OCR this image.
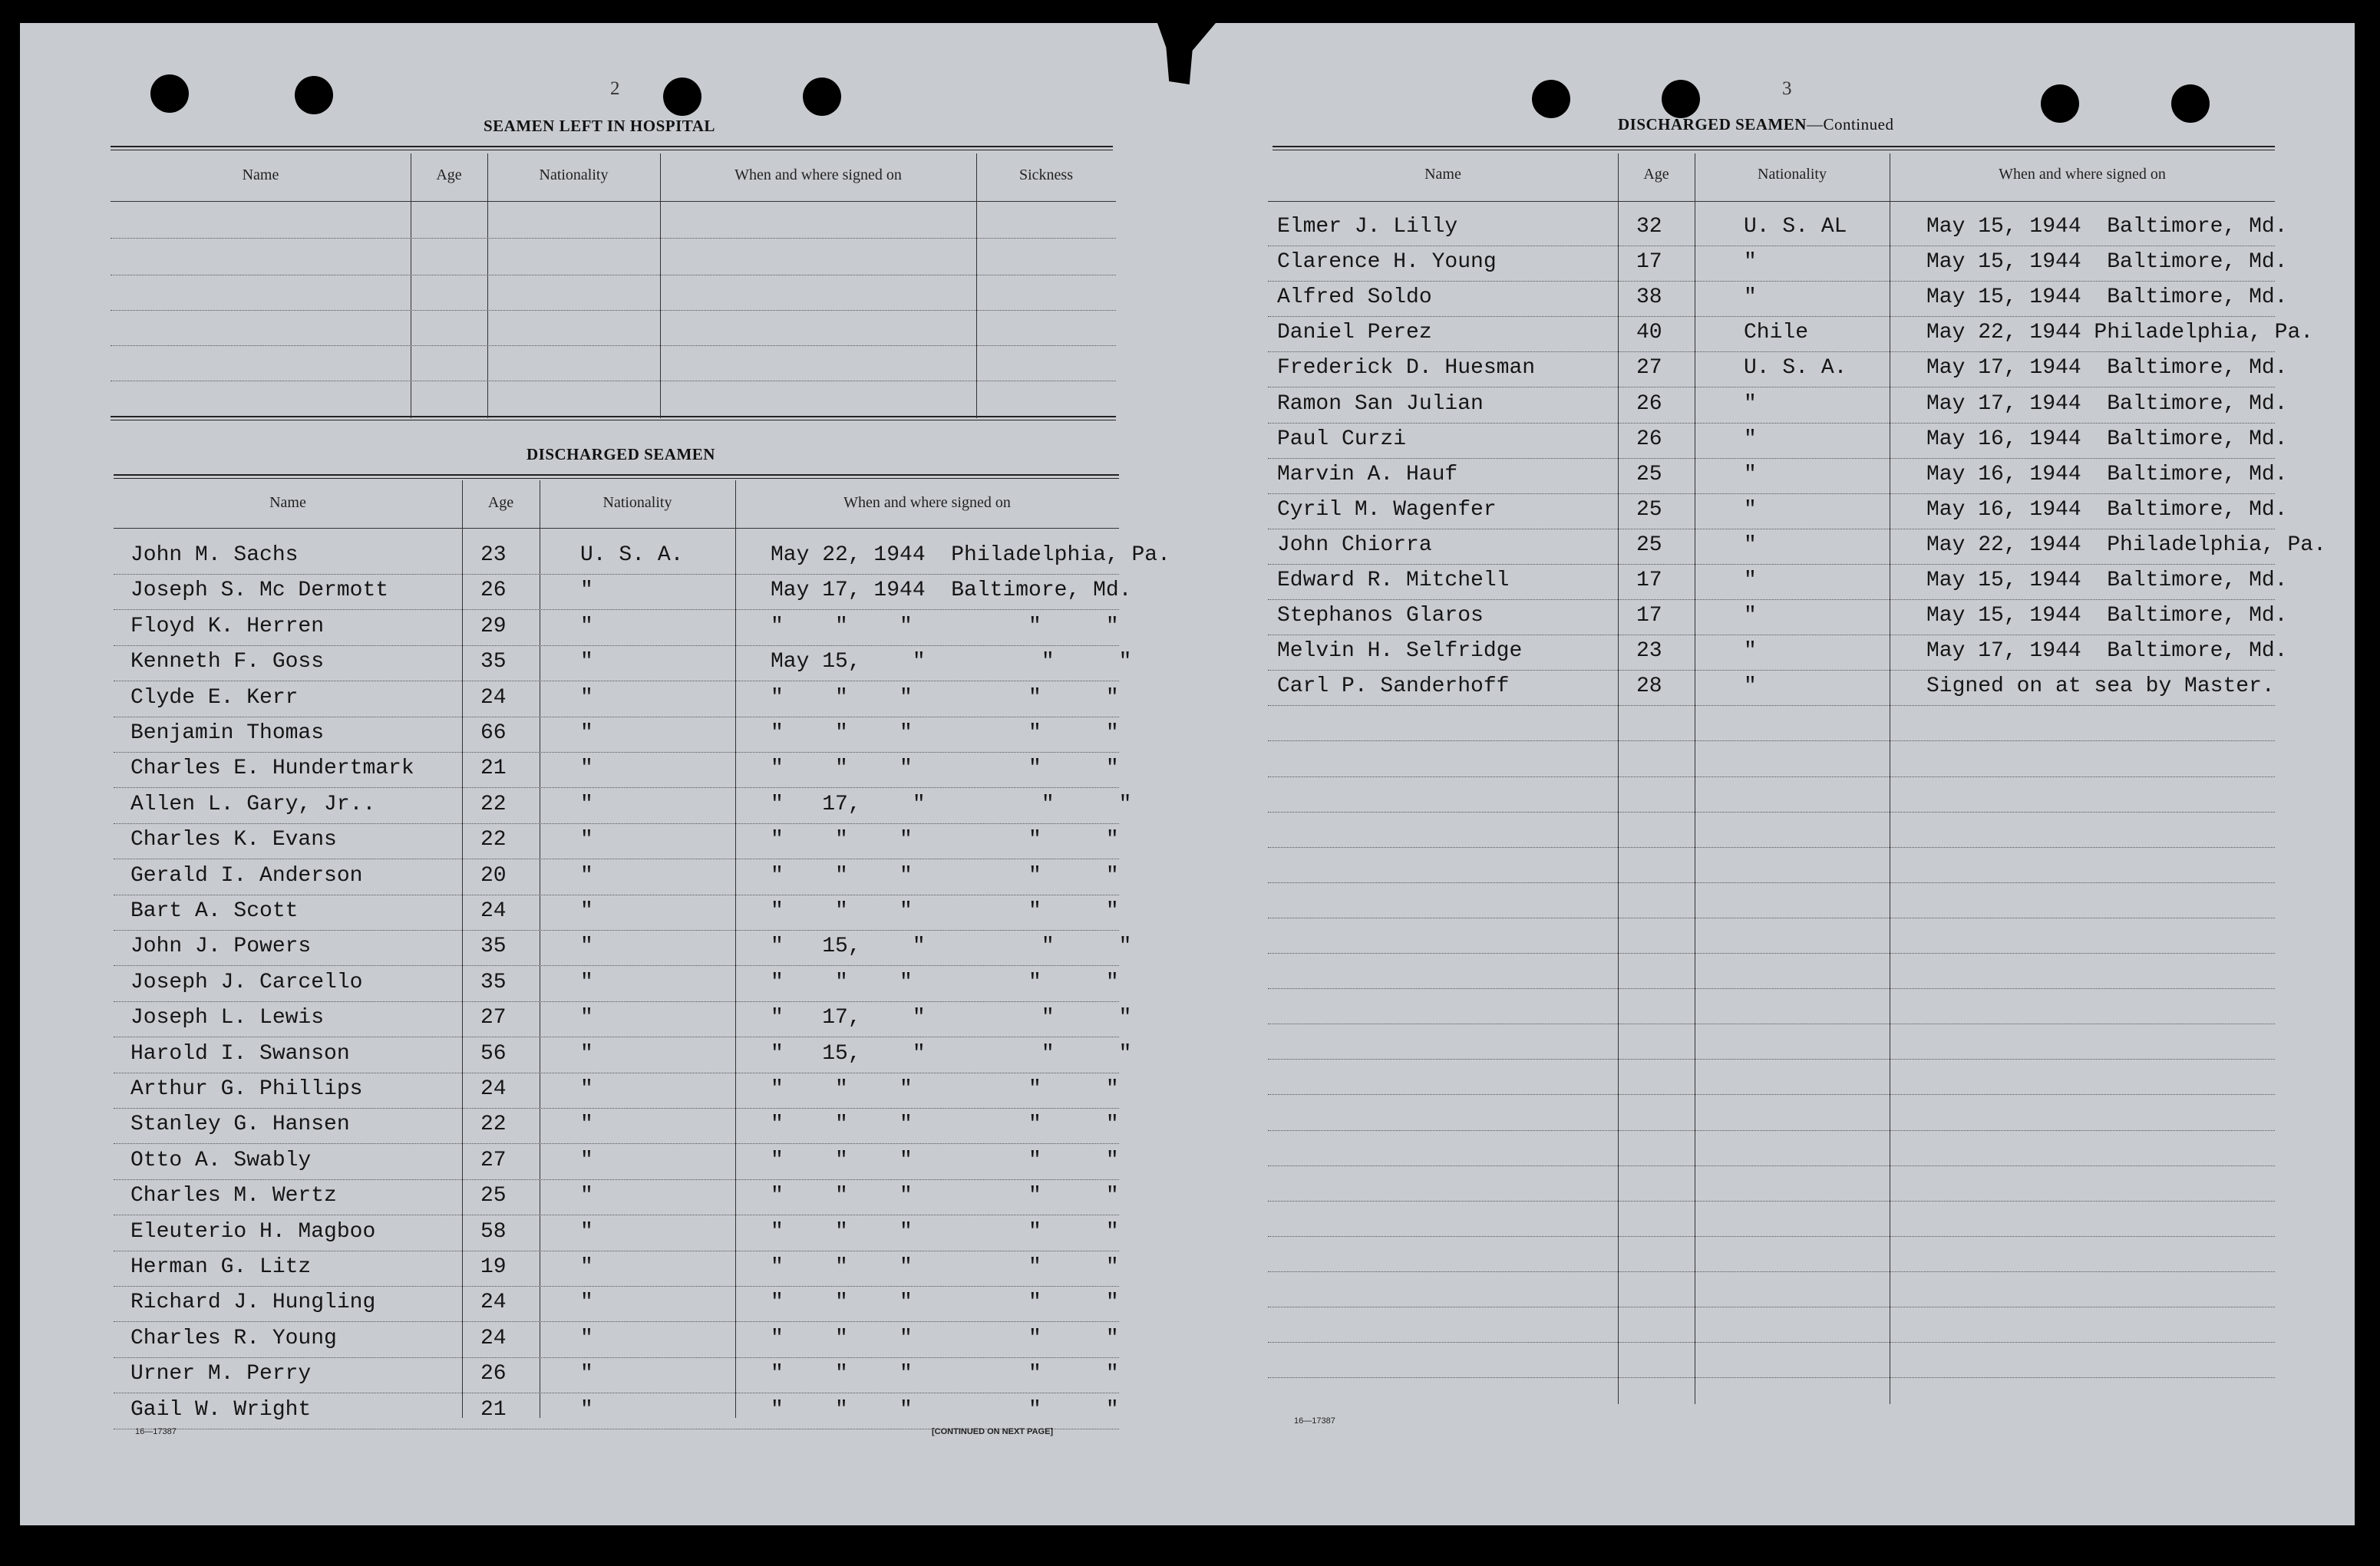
2	3
SEAMEN LEFT IN HOSPITAL
Name	Age	Nationality	When and where signed on	Sickness
DISCHARGED SEAMEN
Name	Age	Nationality	When and where signed on
John M. Sachs	23	U. S. A.	May 22, 1944  Philadelphia, Pa.
Joseph S. Mc Dermott	26	"	May 17, 1944  Baltimore, Md.
Floyd K. Herren	29	"	"    "    "         "     "
Kenneth F. Goss	35	"	May 15,    "         "     "
Clyde E. Kerr	24	"	"    "    "         "     "
Benjamin Thomas	66	"	"    "    "         "     "
Charles E. Hundertmark	21	"	"    "    "         "     "
Allen L. Gary, Jr..	22	"	"   17,    "         "     "
Charles K. Evans	22	"	"    "    "         "     "
Gerald I. Anderson	20	"	"    "    "         "     "
Bart A. Scott	24	"	"    "    "         "     "
John J. Powers	35	"	"   15,    "         "     "
Joseph J. Carcello	35	"	"    "    "         "     "
Joseph L. Lewis	27	"	"   17,    "         "     "
Harold I. Swanson	56	"	"   15,    "         "     "
Arthur G. Phillips	24	"	"    "    "         "     "
Stanley G. Hansen	22	"	"    "    "         "     "
Otto A. Swably	27	"	"    "    "         "     "
Charles M. Wertz	25	"	"    "    "         "     "
Eleuterio H. Magboo	58	"	"    "    "         "     "
Herman G. Litz	19	"	"    "    "         "     "
Richard J. Hungling	24	"	"    "    "         "     "
Charles R. Young	24	"	"    "    "         "     "
Urner M. Perry	26	"	"    "    "         "     "
Gail W. Wright	21	"	"    "    "         "     "
16—17387	[CONTINUED ON NEXT PAGE]
DISCHARGED SEAMEN—Continued
Name	Age	Nationality	When and where signed on
Elmer J. Lilly	32	U. S. AL	May 15, 1944  Baltimore, Md.
Clarence H. Young	17	"	May 15, 1944  Baltimore, Md.
Alfred Soldo	38	"	May 15, 1944  Baltimore, Md.
Daniel Perez	40	Chile	May 22, 1944 Philadelphia, Pa.
Frederick D. Huesman	27	U. S. A.	May 17, 1944  Baltimore, Md.
Ramon San Julian	26	"	May 17, 1944  Baltimore, Md.
Paul Curzi	26	"	May 16, 1944  Baltimore, Md.
Marvin A. Hauf	25	"	May 16, 1944  Baltimore, Md.
Cyril M. Wagenfer	25	"	May 16, 1944  Baltimore, Md.
John Chiorra	25	"	May 22, 1944  Philadelphia, Pa.
Edward R. Mitchell	17	"	May 15, 1944  Baltimore, Md.
Stephanos Glaros	17	"	May 15, 1944  Baltimore, Md.
Melvin H. Selfridge	23	"	May 17, 1944  Baltimore, Md.
Carl P. Sanderhoff	28	"	Signed on at sea by Master.
16—17387
